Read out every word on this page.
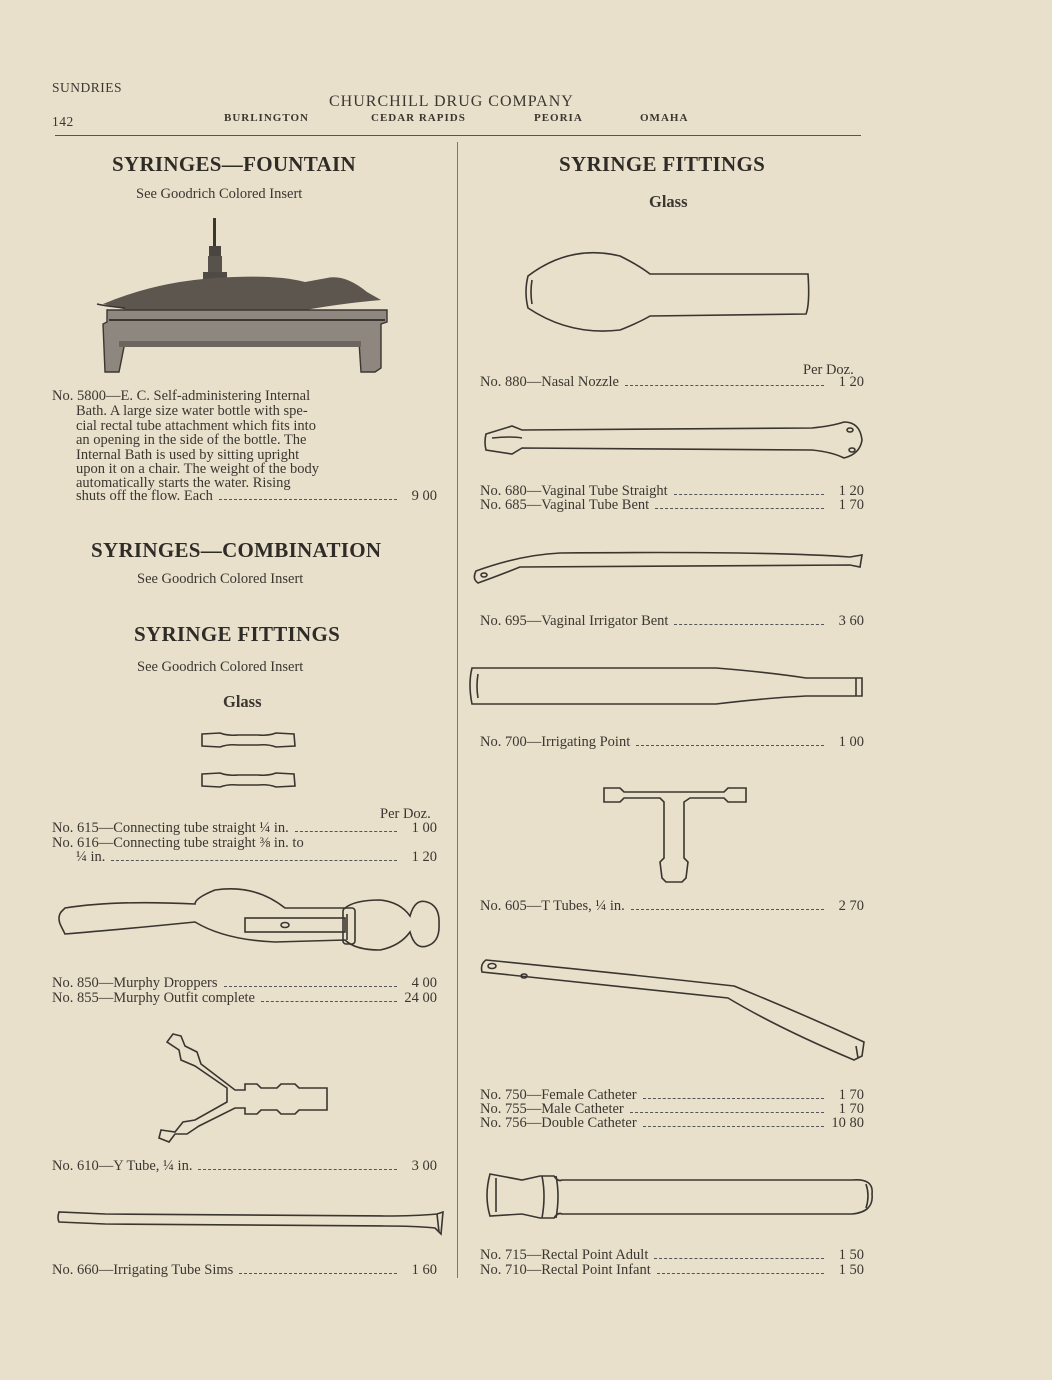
SUNDRIES
142
CHURCHILL DRUG COMPANY
BURLINGTON	CEDAR RAPIDS	PEORIA	OMAHA
SYRINGES—FOUNTAIN
See Goodrich Colored Insert
No. 5800—E. C. Self-administering Internal
Bath. A large size water bottle with spe-
cial rectal tube attachment which fits into
an opening in the side of the bottle. The
Internal Bath is used by sitting upright
upon it on a chair. The weight of the body
automatically starts the water. Rising
shuts off the flow. Each	9 00
SYRINGES—COMBINATION
See Goodrich Colored Insert
SYRINGE FITTINGS
See Goodrich Colored Insert
Glass
Per Doz.
No. 615—Connecting tube straight ¼ in.	1 00
No. 616—Connecting tube straight ⅜ in. to
¼ in.	1 20
No. 850—Murphy Droppers	4 00
No. 855—Murphy Outfit complete	24 00
No. 610—Y Tube, ¼ in.	3 00
No. 660—Irrigating Tube Sims	1 60
SYRINGE FITTINGS
Glass
Per Doz.
No. 880—Nasal Nozzle	1 20
No. 680—Vaginal Tube Straight	1 20
No. 685—Vaginal Tube Bent	1 70
No. 695—Vaginal Irrigator Bent	3 60
No. 700—Irrigating Point	1 00
No. 605—T Tubes, ¼ in.	2 70
No. 750—Female Catheter	1 70
No. 755—Male Catheter	1 70
No. 756—Double Catheter	10 80
No. 715—Rectal Point Adult	1 50
No. 710—Rectal Point Infant	1 50
